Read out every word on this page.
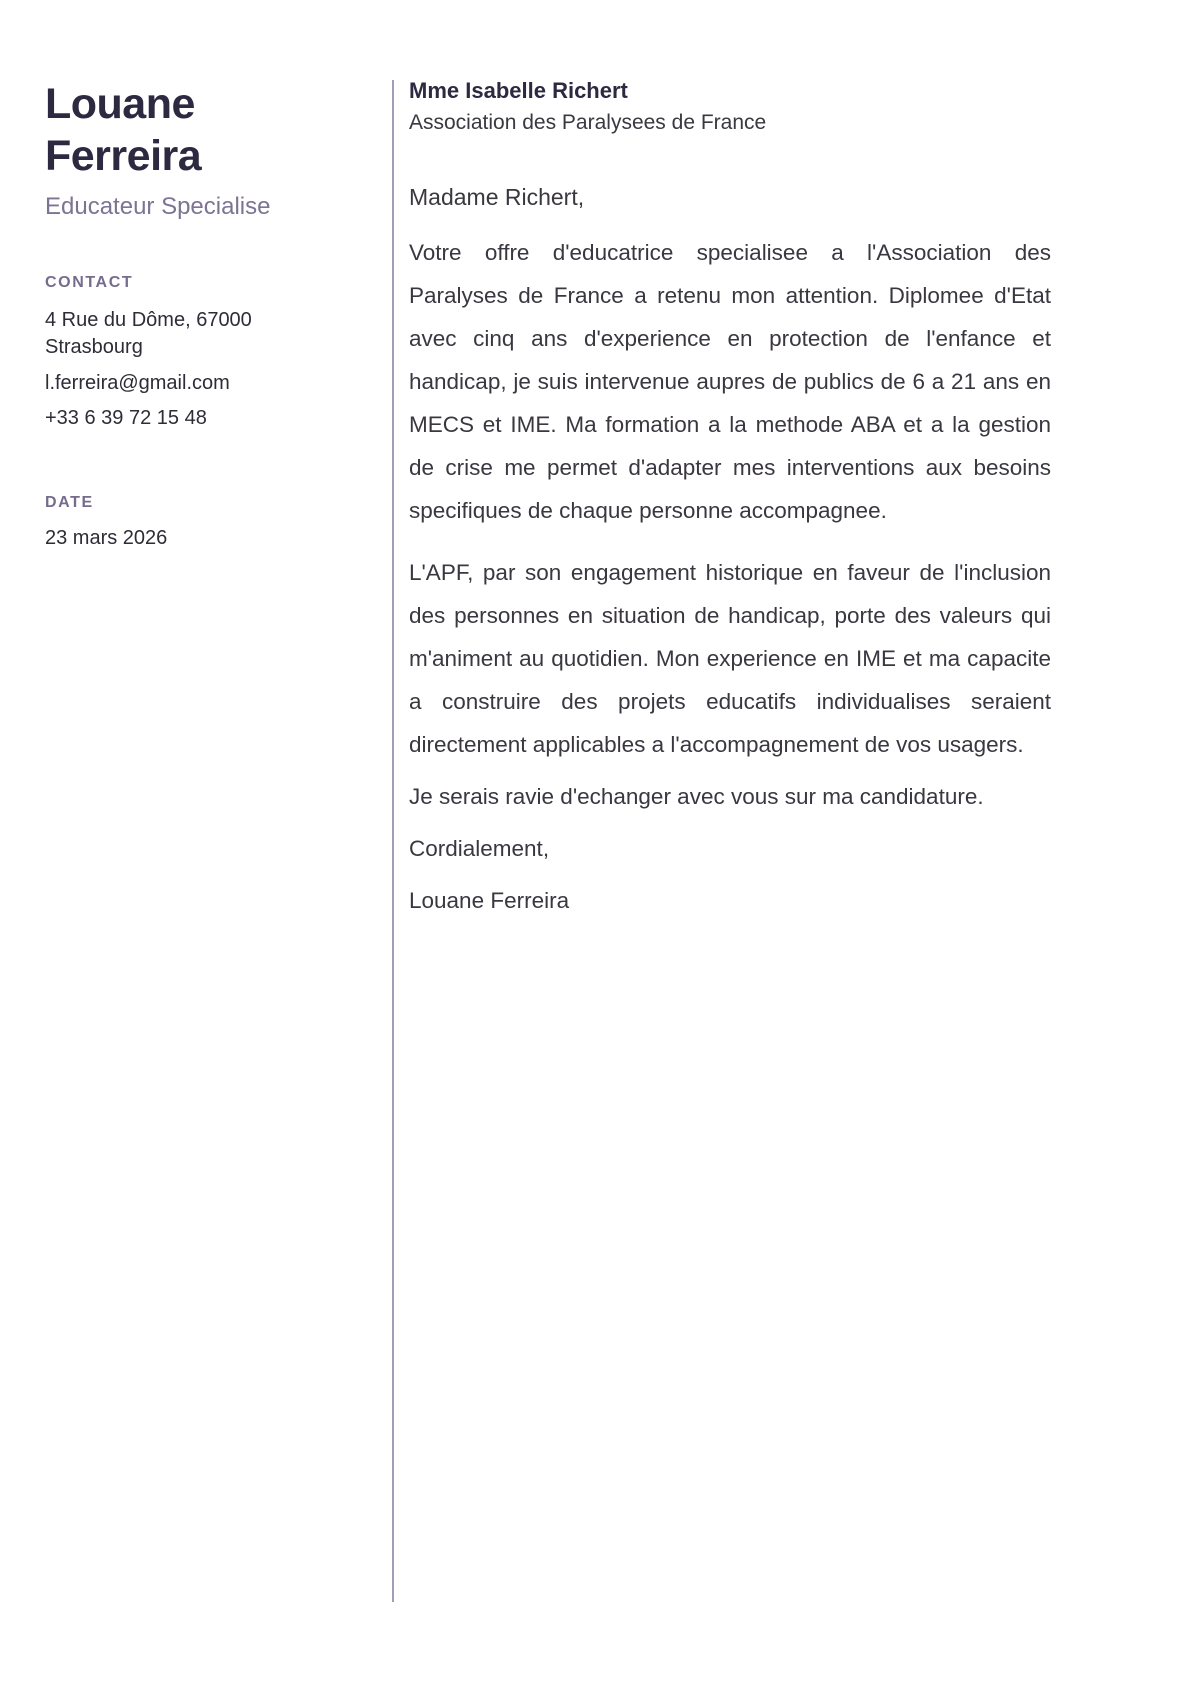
Louane Ferreira
Educateur Specialise
CONTACT
4 Rue du Dôme, 67000 Strasbourg
l.ferreira@gmail.com
+33 6 39 72 15 48
DATE
23 mars 2026
Mme Isabelle Richert
Association des Paralysees de France

Madame Richert,

Votre offre d'educatrice specialisee a l'Association des Paralyses de France a retenu mon attention. Diplomee d'Etat avec cinq ans d'experience en protection de l'enfance et handicap, je suis intervenue aupres de publics de 6 a 21 ans en MECS et IME. Ma formation a la methode ABA et a la gestion de crise me permet d'adapter mes interventions aux besoins specifiques de chaque personne accompagnee.

L'APF, par son engagement historique en faveur de l'inclusion des personnes en situation de handicap, porte des valeurs qui m'animent au quotidien. Mon experience en IME et ma capacite a construire des projets educatifs individualises seraient directement applicables a l'accompagnement de vos usagers.

Je serais ravie d'echanger avec vous sur ma candidature.

Cordialement,

Louane Ferreira
